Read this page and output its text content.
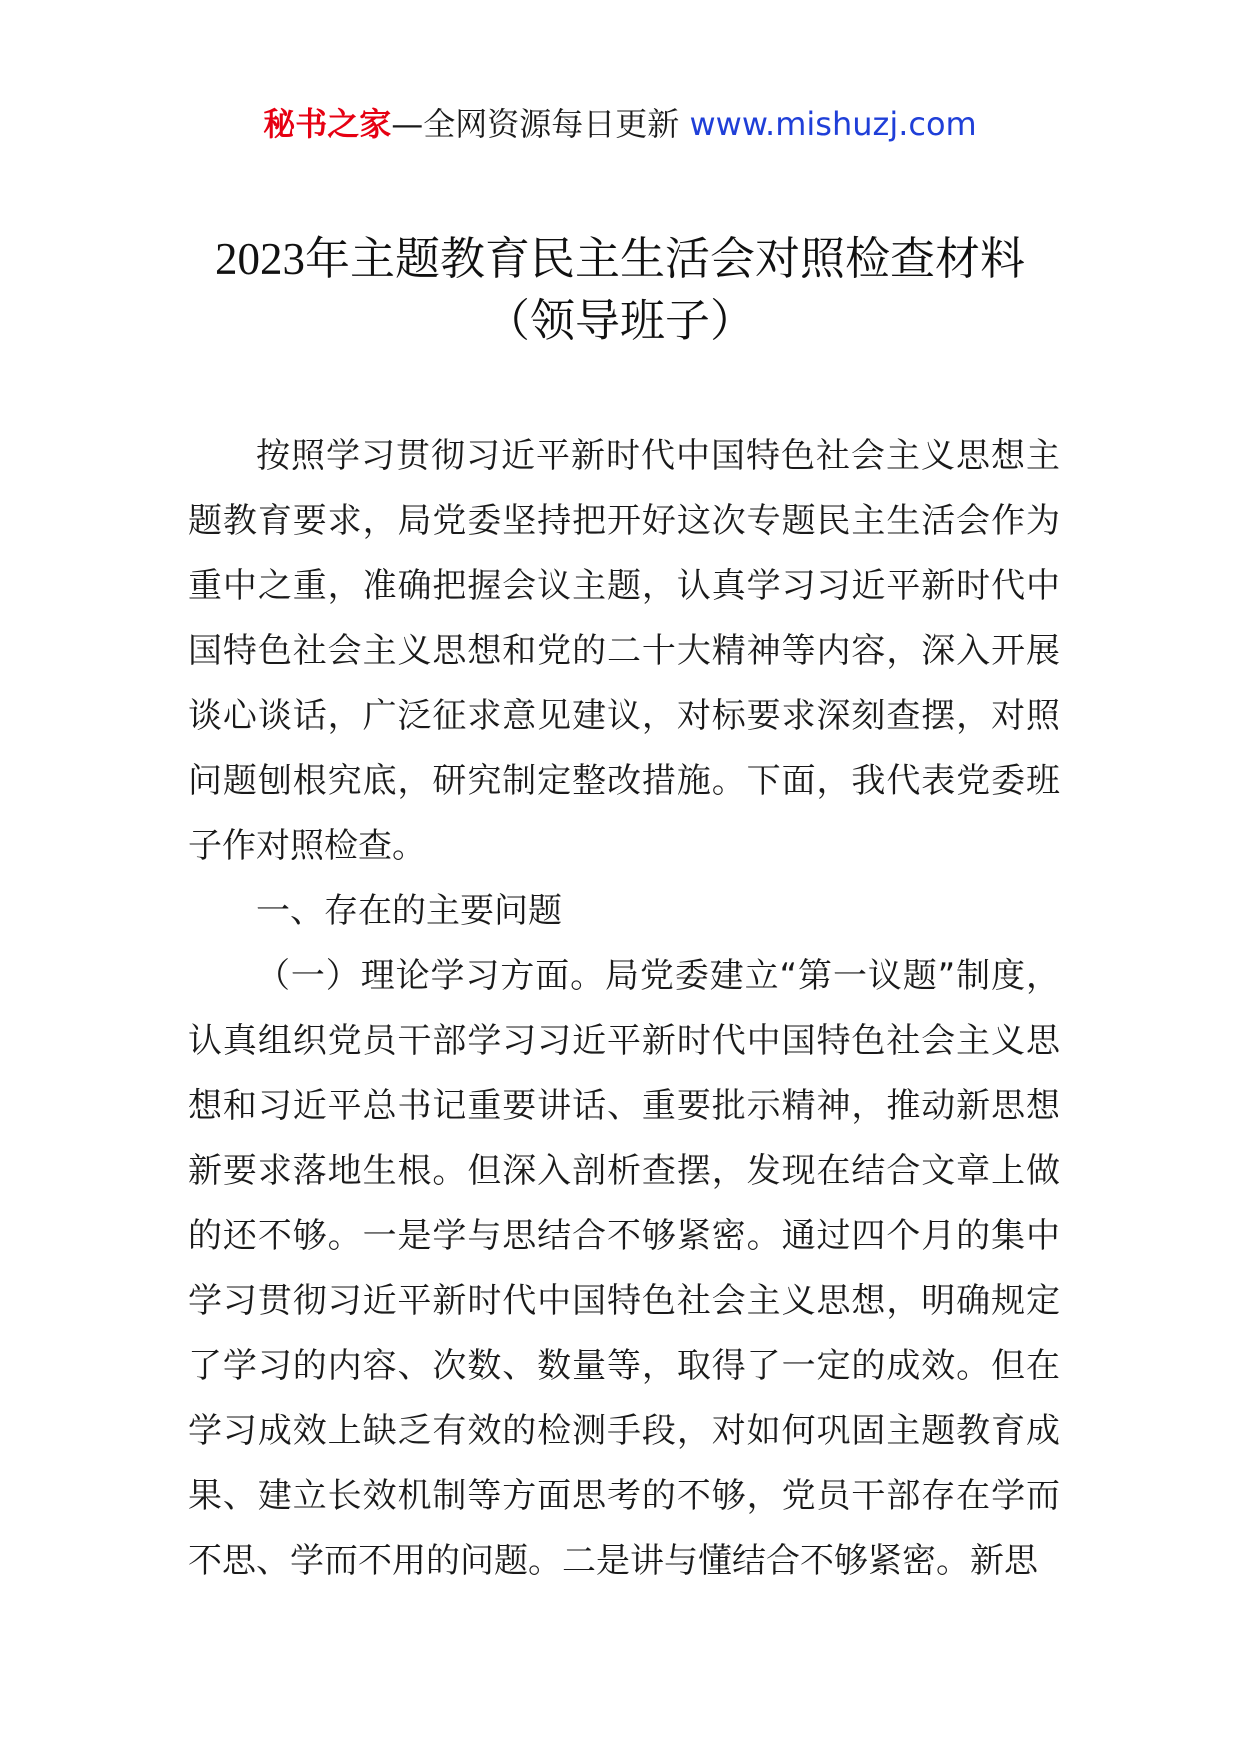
秘书之家—全网资源每日更新 www.mishuzj.com
2023年主题教育民主生活会对照检查材料
（领导班子）

按照学习贯彻习近平新时代中国特色社会主义思想主题教育要求，局党委坚持把开好这次专题民主生活会作为重中之重，准确把握会议主题，认真学习习近平新时代中国特色社会主义思想和党的二十大精神等内容，深入开展谈心谈话，广泛征求意见建议，对标要求深刻查摆，对照问题刨根究底，研究制定整改措施。下面，我代表党委班子作对照检查。

一、存在的主要问题

（一）理论学习方面。局党委建立“第一议题”制度，认真组织党员干部学习习近平新时代中国特色社会主义思想和习近平总书记重要讲话、重要批示精神，推动新思想新要求落地生根。但深入剖析查摆，发现在结合文章上做的还不够。一是学与思结合不够紧密。通过四个月的集中学习贯彻习近平新时代中国特色社会主义思想，明确规定了学习的内容、次数、数量等，取得了一定的成效。但在学习成效上缺乏有效的检测手段，对如何巩固主题教育成果、建立长效机制等方面思考的不够，党员干部存在学而不思、学而不用的问题。二是讲与懂结合不够紧密。新思
